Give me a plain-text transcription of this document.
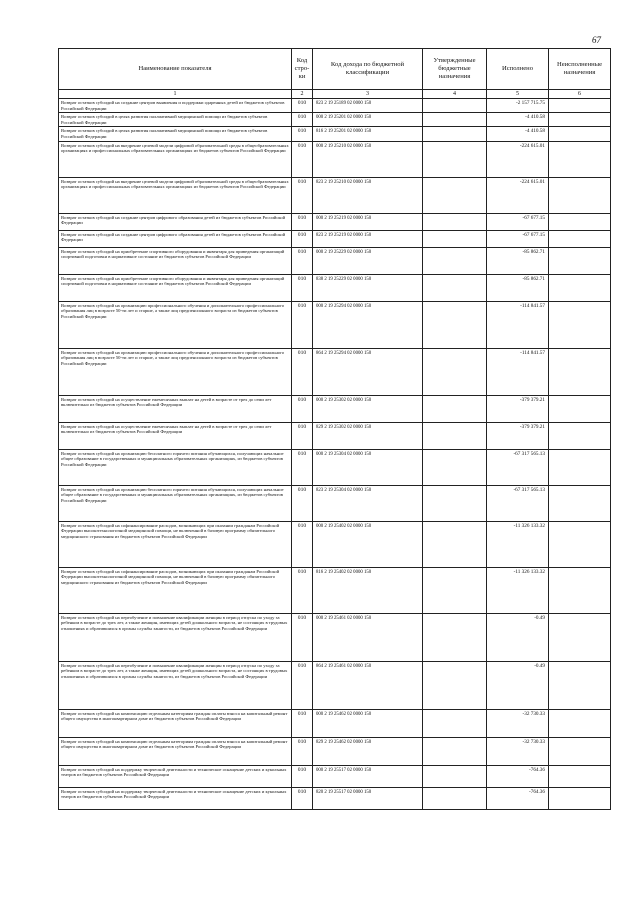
67
Наименование показателя	Код стро-ки	Код дохода по бюджетной классификации	Утвержденные бюджетные назначения	Исполнено	Неисполненные назначения
1	2	3	4	5	6
Возврат остатков субсидий на создание центров выявления и поддержки одаренных детей из бюджетов субъектов Российской Федерации	010	823 2 19 25189 02 0000 150		-2 157 715.75	
Возврат остатков субсидий в целях развития паллиативной медицинской помощи из бюджетов субъектов Российской Федерации	010	000 2 19 25201 02 0000 150		-4 410.58	
Возврат остатков субсидий в целях развития паллиативной медицинской помощи из бюджетов субъектов Российской Федерации	010	816 2 19 25201 02 0000 150		-4 410.58	
Возврат остатков субсидий на внедрение целевой модели цифровой образовательной среды в общеобразовательных организациях и профессиональных образовательных организациях из бюджетов субъектов Российской Федерации	010	000 2 19 25210 02 0000 150		-224 615.01	
Возврат остатков субсидий на внедрение целевой модели цифровой образовательной среды в общеобразовательных организациях и профессиональных образовательных организациях из бюджетов субъектов Российской Федерации	010	823 2 19 25210 02 0000 150		-224 615.01	
Возврат остатков субсидий на создание центров цифрового образования детей из бюджетов субъектов Российской Федерации	010	000 2 19 25219 02 0000 150		-67 677.15	
Возврат остатков субсидий на создание центров цифрового образования детей из бюджетов субъектов Российской Федерации	010	823 2 19 25219 02 0000 150		-67 677.15	
Возврат остатков субсидий на приобретение спортивного оборудования и инвентаря для приведения организаций спортивной подготовки в нормативное состояние из бюджетов субъектов Российской Федерации	010	000 2 19 25229 02 0000 150		-85 862.71	
Возврат остатков субсидий на приобретение спортивного оборудования и инвентаря для приведения организаций спортивной подготовки в нормативное состояние из бюджетов субъектов Российской Федерации	010	838 2 19 25229 02 0000 150		-85 862.71	
Возврат остатков субсидий на организацию профессионального обучения и дополнительного профессионального образования лиц в возрасте 50-ти лет и старше, а также лиц предпенсионного возраста из бюджетов субъектов Российской Федерации	010	000 2 19 25294 02 0000 150		-114 841.57	
Возврат остатков субсидий на организацию профессионального обучения и дополнительного профессионального образования лиц в возрасте 50-ти лет и старше, а также лиц предпенсионного возраста из бюджетов субъектов Российской Федерации	010	864 2 19 25294 02 0000 150		-114 841.57	
Возврат остатков субсидий на осуществление ежемесячных выплат на детей в возрасте от трех до семи лет включительно из бюджетов субъектов Российской Федерации	010	000 2 19 25302 02 0000 150		-379 379.21	
Возврат остатков субсидий на осуществление ежемесячных выплат на детей в возрасте от трех до семи лет включительно из бюджетов субъектов Российской Федерации	010	829 2 19 25302 02 0000 150		-379 379.21	
Возврат остатков субсидий на организацию бесплатного горячего питания обучающихся, получающих начальное общее образование в государственных и муниципальных образовательных организациях, из бюджетов субъектов Российской Федерации	010	000 2 19 25304 02 0000 150		-67 317 565.13	
Возврат остатков субсидий на организацию бесплатного горячего питания обучающихся, получающих начальное общее образование в государственных и муниципальных образовательных организациях, из бюджетов субъектов Российской Федерации	010	823 2 19 25304 02 0000 150		-67 317 565.13	
Возврат остатков субсидий на софинансирование расходов, возникающих при оказании гражданам Российской Федерации высокотехнологичной медицинской помощи, не включенной в базовую программу обязательного медицинского страхования из бюджетов субъектов Российской Федерации	010	000 2 19 25402 02 0000 150		-11 326 133.32	
Возврат остатков субсидий на софинансирование расходов, возникающих при оказании гражданам Российской Федерации высокотехнологичной медицинской помощи, не включенной в базовую программу обязательного медицинского страхования из бюджетов субъектов Российской Федерации	010	816 2 19 25402 02 0000 150		-11 326 133.32	
Возврат остатков субсидий на переобучение и повышение квалификации женщин в период отпуска по уходу за ребенком в возрасте до трех лет, а также женщин, имеющих детей дошкольного возраста, не состоящих в трудовых отношениях и обратившихся в органы службы занятости, из бюджетов субъектов Российской Федерации	010	000 2 19 25461 02 0000 150		-0.49	
Возврат остатков субсидий на переобучение и повышение квалификации женщин в период отпуска по уходу за ребенком в возрасте до трех лет, а также женщин, имеющих детей дошкольного возраста, не состоящих в трудовых отношениях и обратившихся в органы службы занятости, из бюджетов субъектов Российской Федерации	010	864 2 19 25461 02 0000 150		-0.49	
Возврат остатков субсидий на компенсацию отдельным категориям граждан оплаты взноса на капитальный ремонт общего имущества в многоквартирном доме из бюджетов субъектов Российской Федерации	010	000 2 19 25462 02 0000 150		-32 730.33	
Возврат остатков субсидий на компенсацию отдельным категориям граждан оплаты взноса на капитальный ремонт общего имущества в многоквартирном доме из бюджетов субъектов Российской Федерации	010	829 2 19 25462 02 0000 150		-32 730.33	
Возврат остатков субсидий на поддержку творческой деятельности и техническое оснащение детских и кукольных театров из бюджетов субъектов Российской Федерации	010	000 2 19 25517 02 0000 150		-764.36	
Возврат остатков субсидий на поддержку творческой деятельности и техническое оснащение детских и кукольных театров из бюджетов субъектов Российской Федерации	010	820 2 19 25517 02 0000 150		-764.36	
